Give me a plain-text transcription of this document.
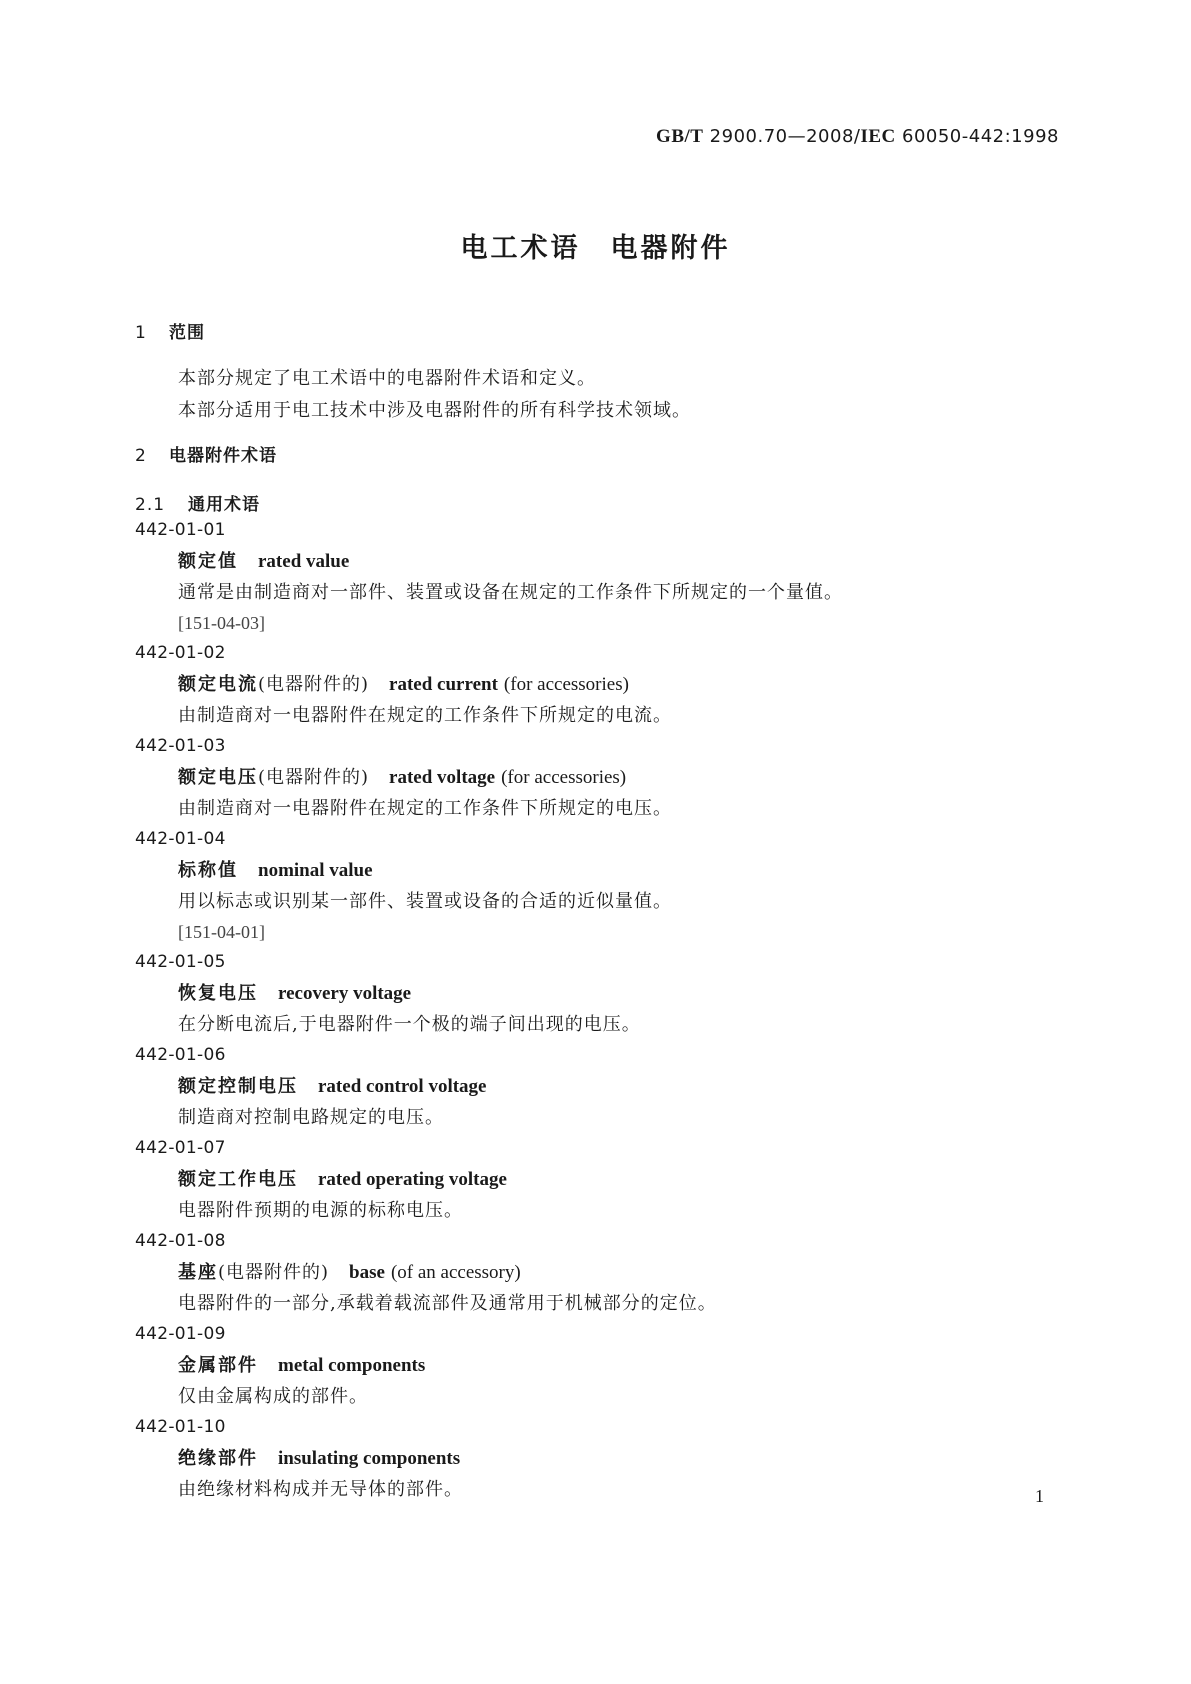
GB/T 2900.70—2008/IEC 60050-442:1998
电工术语　电器附件
1 范围
本部分规定了电工术语中的电器附件术语和定义。
本部分适用于电工技术中涉及电器附件的所有科学技术领域。
2 电器附件术语
2.1 通用术语
442-01-01
额定值 rated value
通常是由制造商对一部件、装置或设备在规定的工作条件下所规定的一个量值。
[151-04-03]
442-01-02
额定电流(电器附件的) rated current (for accessories)
由制造商对一电器附件在规定的工作条件下所规定的电流。
442-01-03
额定电压(电器附件的) rated voltage (for accessories)
由制造商对一电器附件在规定的工作条件下所规定的电压。
442-01-04
标称值 nominal value
用以标志或识别某一部件、装置或设备的合适的近似量值。
[151-04-01]
442-01-05
恢复电压 recovery voltage
在分断电流后,于电器附件一个极的端子间出现的电压。
442-01-06
额定控制电压 rated control voltage
制造商对控制电路规定的电压。
442-01-07
额定工作电压 rated operating voltage
电器附件预期的电源的标称电压。
442-01-08
基座(电器附件的) base (of an accessory)
电器附件的一部分,承载着载流部件及通常用于机械部分的定位。
442-01-09
金属部件 metal components
仅由金属构成的部件。
442-01-10
绝缘部件 insulating components
由绝缘材料构成并无导体的部件。	1
